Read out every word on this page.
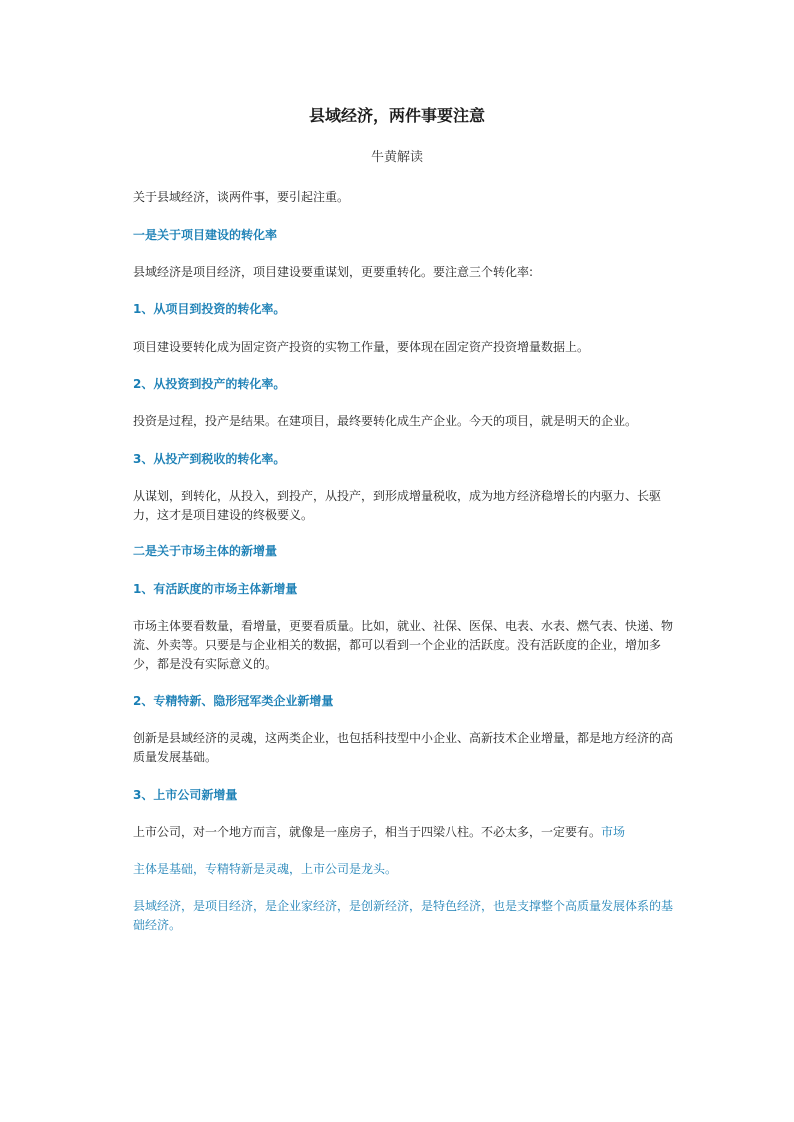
县域经济，两件事要注意
牛黄解读

关于县域经济，谈两件事，要引起注重。

一是关于项目建设的转化率

县域经济是项目经济，项目建设要重谋划，更要重转化。要注意三个转化率:

1、从项目到投资的转化率。

项目建设要转化成为固定资产投资的实物工作量，要体现在固定资产投资增量数据上。

2、从投资到投产的转化率。

投资是过程，投产是结果。在建项目，最终要转化成生产企业。今天的项目，就是明天的企业。

3、从投产到税收的转化率。

从谋划，到转化，从投入，到投产，从投产，到形成增量税收，成为地方经济稳增长的内驱力、长驱力，这才是项目建设的终极要义。

二是关于市场主体的新增量
1、有活跃度的市场主体新增量

市场主体要看数量，看增量，更要看质量。比如，就业、社保、医保、电表、水表、燃气表、快递、物流、外卖等。只要是与企业相关的数据，都可以看到一个企业的活跃度。没有活跃度的企业，增加多少，都是没有实际意义的。

2、专精特新、隐形冠军类企业新增量

创新是县域经济的灵魂，这两类企业，也包括科技型中小企业、高新技术企业增量，都是地方经济的高质量发展基础。

3、上市公司新增量

上市公司，对一个地方而言，就像是一座房子，相当于四梁八柱。不必太多，一定要有。市场

主体是基础，专精特新是灵魂，上市公司是龙头。

县域经济，是项目经济，是企业家经济，是创新经济，是特色经济，也是支撑整个高质量发展体系的基础经济。
